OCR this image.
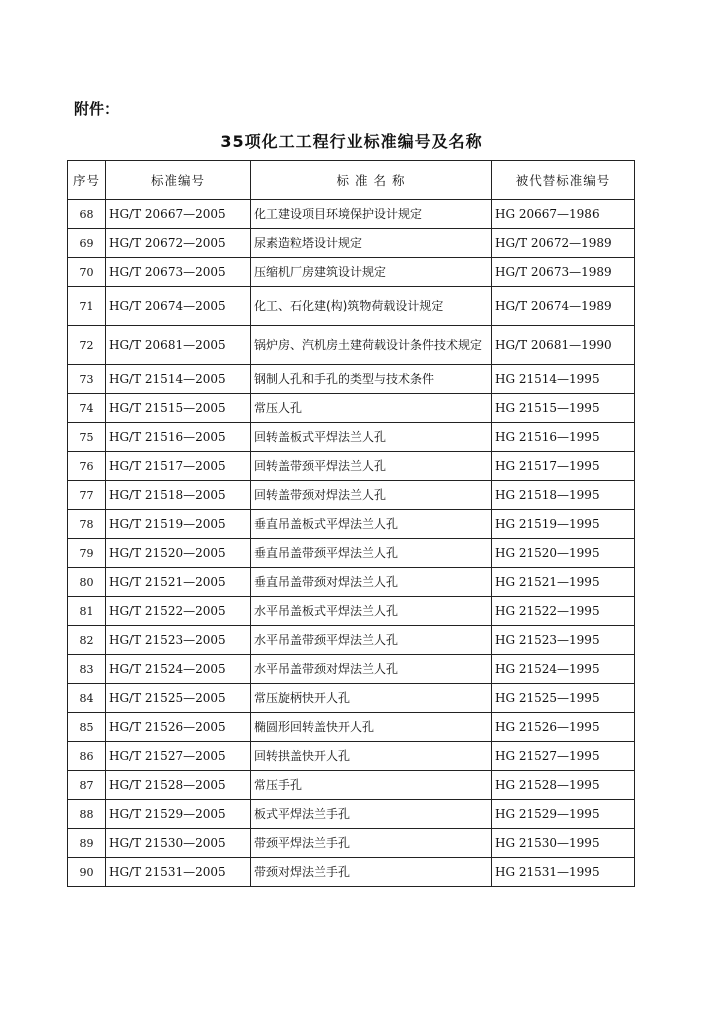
附件：
35项化工工程行业标准编号及名称
序号	标准编号	标 准 名 称	被代替标准编号
68	HG/T 20667—2005	化工建设项目环境保护设计规定	HG 20667—1986
69	HG/T 20672—2005	尿素造粒塔设计规定	HG/T 20672—1989
70	HG/T 20673—2005	压缩机厂房建筑设计规定	HG/T 20673—1989
71	HG/T 20674—2005	化工、石化建(构)筑物荷载设计规定	HG/T 20674—1989
72	HG/T 20681—2005	锅炉房、汽机房土建荷载设计条件技术规定	HG/T 20681—1990
73	HG/T 21514—2005	钢制人孔和手孔的类型与技术条件	HG 21514—1995
74	HG/T 21515—2005	常压人孔	HG 21515—1995
75	HG/T 21516—2005	回转盖板式平焊法兰人孔	HG 21516—1995
76	HG/T 21517—2005	回转盖带颈平焊法兰人孔	HG 21517—1995
77	HG/T 21518—2005	回转盖带颈对焊法兰人孔	HG 21518—1995
78	HG/T 21519—2005	垂直吊盖板式平焊法兰人孔	HG 21519—1995
79	HG/T 21520—2005	垂直吊盖带颈平焊法兰人孔	HG 21520—1995
80	HG/T 21521—2005	垂直吊盖带颈对焊法兰人孔	HG 21521—1995
81	HG/T 21522—2005	水平吊盖板式平焊法兰人孔	HG 21522—1995
82	HG/T 21523—2005	水平吊盖带颈平焊法兰人孔	HG 21523—1995
83	HG/T 21524—2005	水平吊盖带颈对焊法兰人孔	HG 21524—1995
84	HG/T 21525—2005	常压旋柄快开人孔	HG 21525—1995
85	HG/T 21526—2005	椭圆形回转盖快开人孔	HG 21526—1995
86	HG/T 21527—2005	回转拱盖快开人孔	HG 21527—1995
87	HG/T 21528—2005	常压手孔	HG 21528—1995
88	HG/T 21529—2005	板式平焊法兰手孔	HG 21529—1995
89	HG/T 21530—2005	带颈平焊法兰手孔	HG 21530—1995
90	HG/T 21531—2005	带颈对焊法兰手孔	HG 21531—1995
